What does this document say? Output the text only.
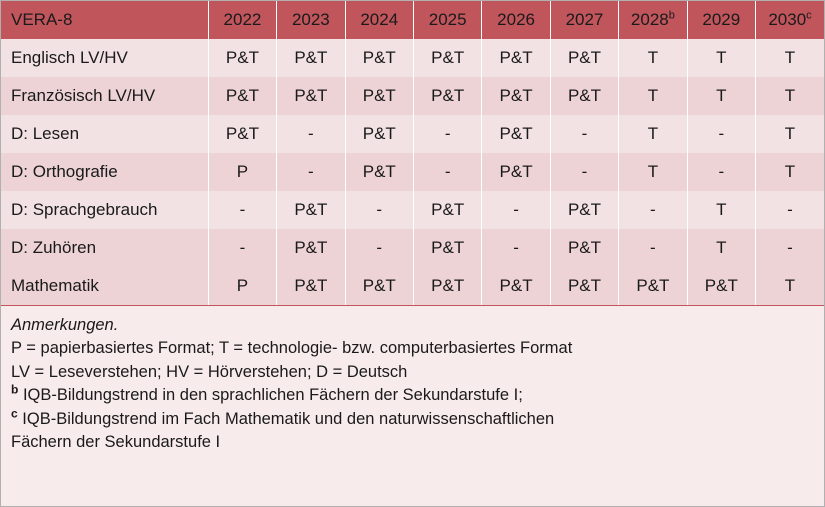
VERA-8	2022	2023	2024	2025	2026	2027	2028$^b$	2029	2030$^c$
Englisch LV/HV	P&T	P&T	P&T	P&T	P&T	P&T	T	T	T
Französisch LV/HV	P&T	P&T	P&T	P&T	P&T	P&T	T	T	T
D: Lesen	P&T	-	P&T	-	P&T	-	T	-	T
D: Orthografie	P	-	P&T	-	P&T	-	T	-	T
D: Sprachgebrauch	-	P&T	-	P&T	-	P&T	-	T	-
D: Zuhören	-	P&T	-	P&T	-	P&T	-	T	-
Mathematik	P	P&T	P&T	P&T	P&T	P&T	P&T	P&T	T
Anmerkungen.
P = papierbasiertes Format; T = technologie- bzw. computerbasiertes Format
LV = Leseverstehen; HV = Hörverstehen; D = Deutsch
$^b$ IQB-Bildungstrend in den sprachlichen Fächern der Sekundarstufe I;
$^c$ IQB-Bildungstrend im Fach Mathematik und den naturwissenschaftlichen
Fächern der Sekundarstufe I
